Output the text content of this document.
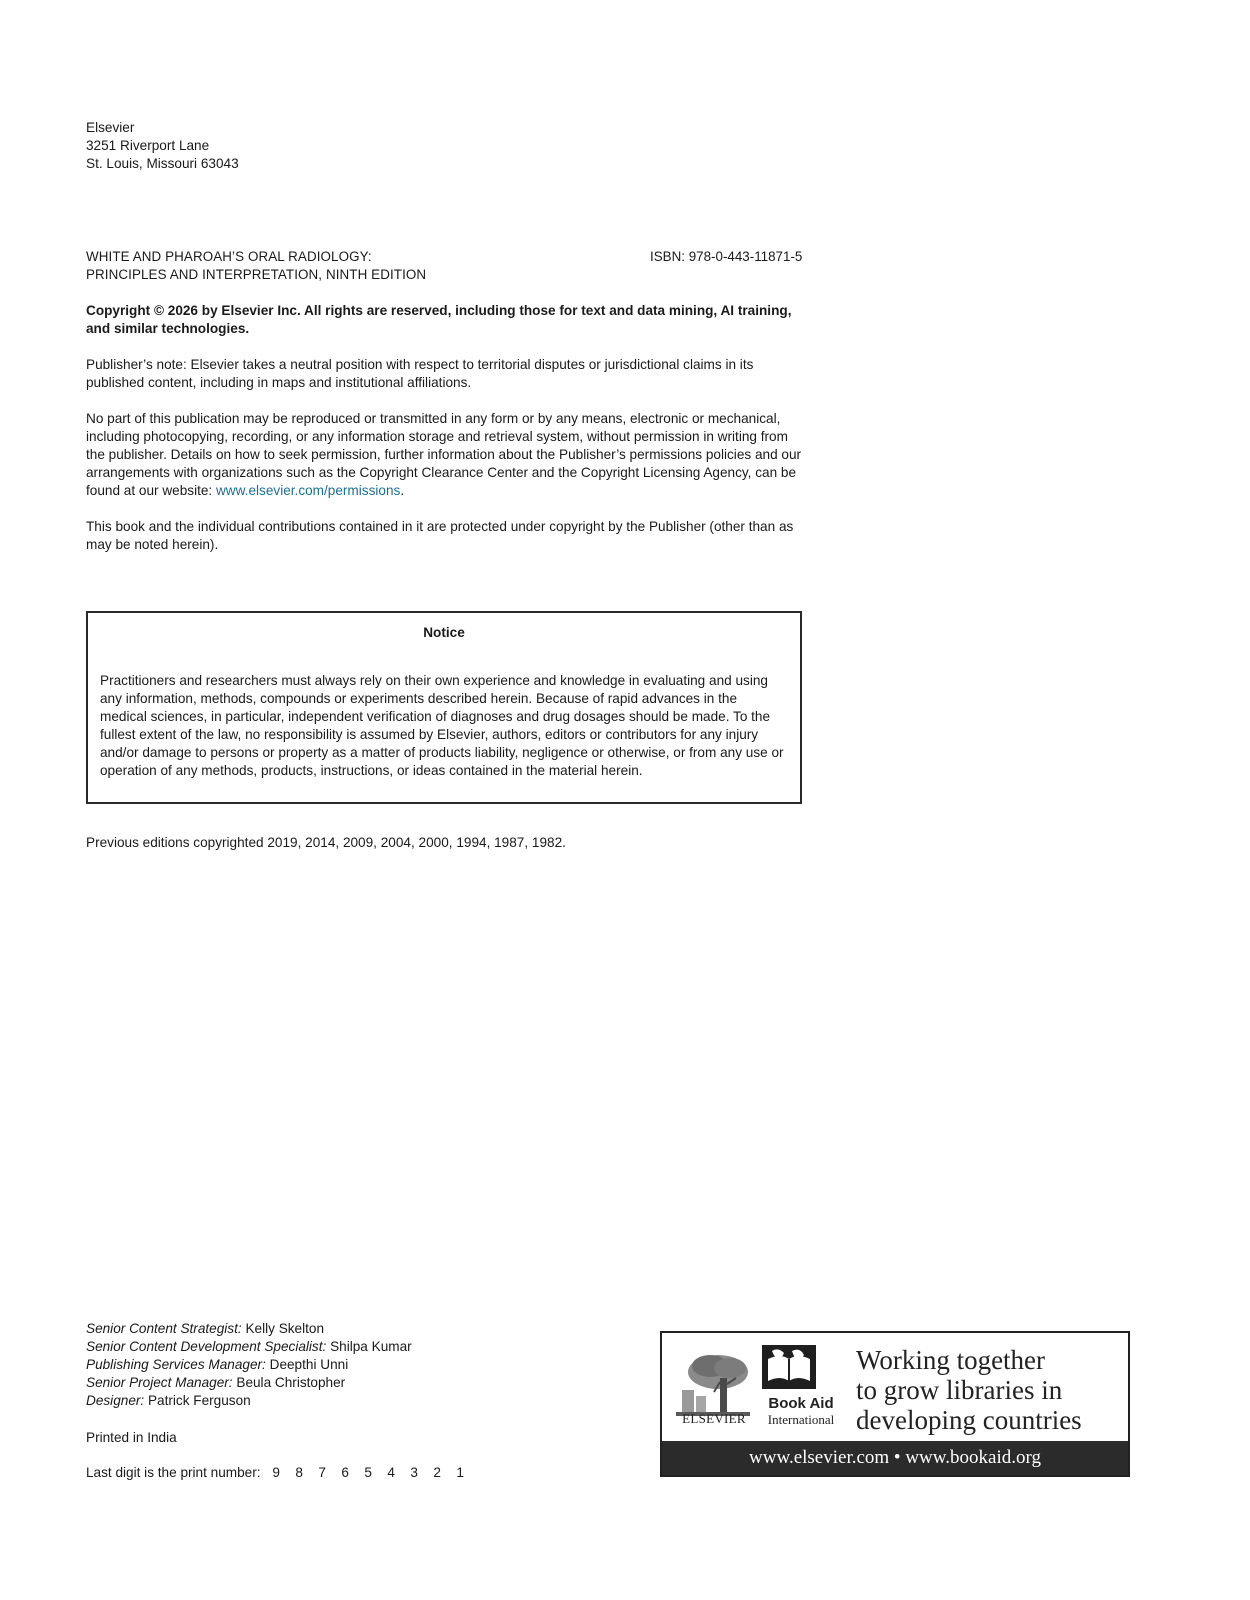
Elsevier
3251 Riverport Lane
St. Louis, Missouri 63043
WHITE AND PHAROAH’S ORAL RADIOLOGY:
PRINCIPLES AND INTERPRETATION, NINTH EDITION
ISBN: 978-0-443-11871-5
Copyright © 2026 by Elsevier Inc. All rights are reserved, including those for text and data mining, AI training, and similar technologies.
Publisher’s note: Elsevier takes a neutral position with respect to territorial disputes or jurisdictional claims in its published content, including in maps and institutional affiliations.
No part of this publication may be reproduced or transmitted in any form or by any means, electronic or mechanical, including photocopying, recording, or any information storage and retrieval system, without permission in writing from the publisher. Details on how to seek permission, further information about the Publisher’s permissions policies and our arrangements with organizations such as the Copyright Clearance Center and the Copyright Licensing Agency, can be found at our website: www.elsevier.com/permissions.
This book and the individual contributions contained in it are protected under copyright by the Publisher (other than as may be noted herein).
Notice
Practitioners and researchers must always rely on their own experience and knowledge in evaluating and using any information, methods, compounds or experiments described herein. Because of rapid advances in the medical sciences, in particular, independent verification of diagnoses and drug dosages should be made. To the fullest extent of the law, no responsibility is assumed by Elsevier, authors, editors or contributors for any injury and/or damage to persons or property as a matter of products liability, negligence or otherwise, or from any use or operation of any methods, products, instructions, or ideas contained in the material herein.
Previous editions copyrighted 2019, 2014, 2009, 2004, 2000, 1994, 1987, 1982.
Senior Content Strategist: Kelly Skelton
Senior Content Development Specialist: Shilpa Kumar
Publishing Services Manager: Deepthi Unni
Senior Project Manager: Beula Christopher
Designer: Patrick Ferguson
Printed in India
Last digit is the print number: 9 8 7 6 5 4 3 2 1
ELSEVIER
Book Aid
International
Working together
to grow libraries in
developing countries
www.elsevier.com • www.bookaid.org
